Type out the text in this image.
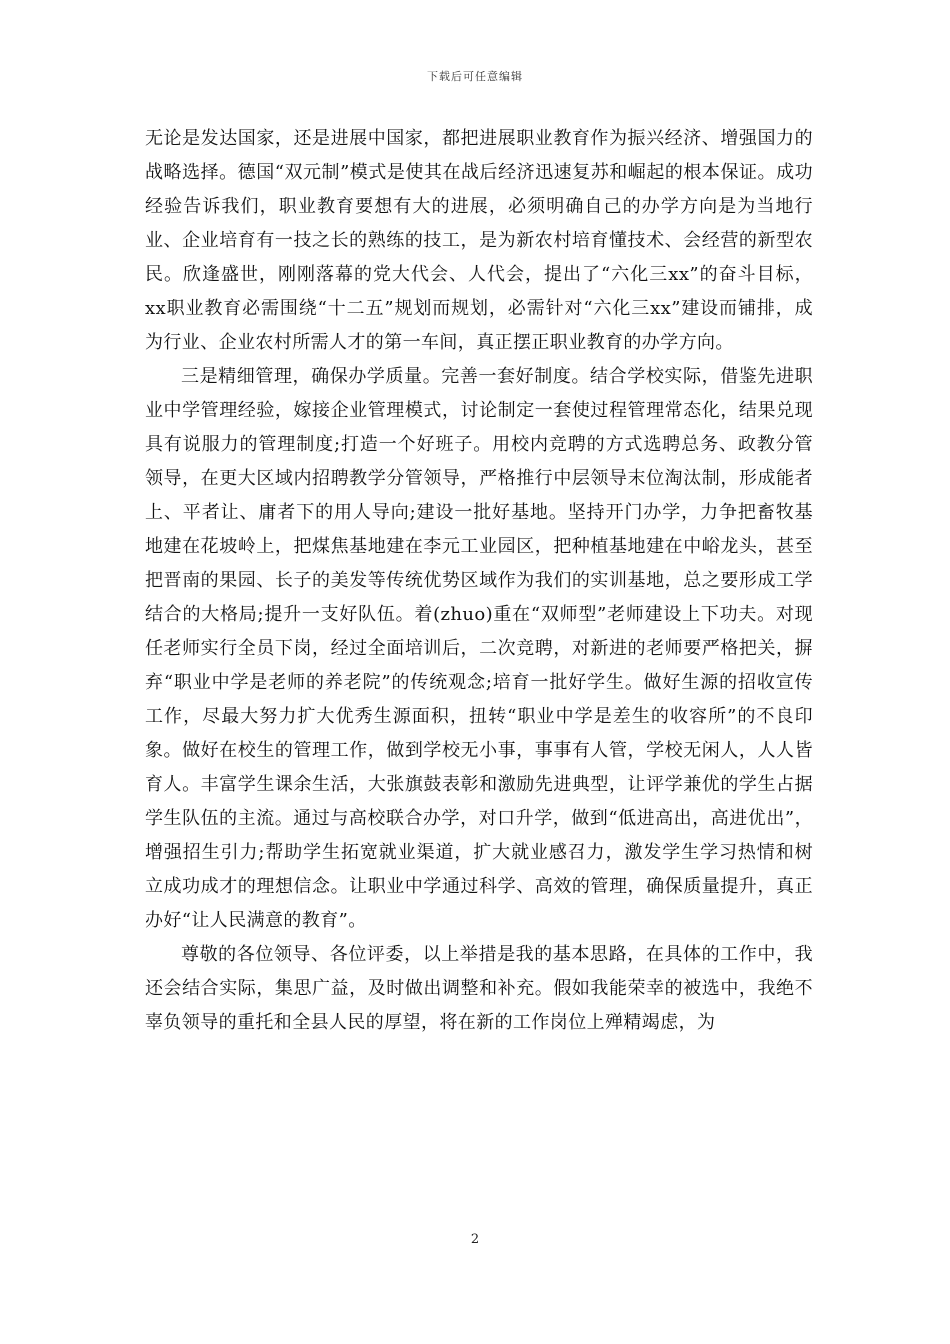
下载后可任意编辑

无论是发达国家，还是进展中国家，都把进展职业教育作为振兴经济、增强国力的战略选择。德国“双元制”模式是使其在战后经济迅速复苏和崛起的根本保证。成功经验告诉我们，职业教育要想有大的进展，必须明确自己的办学方向是为当地行业、企业培育有一技之长的熟练的技工，是为新农村培育懂技术、会经营的新型农民。欣逢盛世，刚刚落幕的党大代会、人代会，提出了“六化三xx”的奋斗目标，xx职业教育必需围绕“十二五”规划而规划，必需针对“六化三xx”建设而铺排，成为行业、企业农村所需人才的第一车间，真正摆正职业教育的办学方向。

三是精细管理，确保办学质量。完善一套好制度。结合学校实际，借鉴先进职业中学管理经验，嫁接企业管理模式，讨论制定一套使过程管理常态化，结果兑现具有说服力的管理制度;打造一个好班子。用校内竞聘的方式选聘总务、政教分管领导，在更大区域内招聘教学分管领导，严格推行中层领导末位淘汰制，形成能者上、平者让、庸者下的用人导向;建设一批好基地。坚持开门办学，力争把畜牧基地建在花坡岭上，把煤焦基地建在李元工业园区，把种植基地建在中峪龙头，甚至把晋南的果园、长子的美发等传统优势区域作为我们的实训基地，总之要形成工学结合的大格局;提升一支好队伍。着(zhuo)重在“双师型”老师建设上下功夫。对现任老师实行全员下岗，经过全面培训后，二次竞聘，对新进的老师要严格把关，摒弃“职业中学是老师的养老院”的传统观念;培育一批好学生。做好生源的招收宣传工作，尽最大努力扩大优秀生源面积，扭转“职业中学是差生的收容所”的不良印象。做好在校生的管理工作，做到学校无小事，事事有人管，学校无闲人，人人皆育人。丰富学生课余生活，大张旗鼓表彰和激励先进典型，让评学兼优的学生占据学生队伍的主流。通过与高校联合办学，对口升学，做到“低进高出，高进优出”，增强招生引力;帮助学生拓宽就业渠道，扩大就业感召力，激发学生学习热情和树立成功成才的理想信念。让职业中学通过科学、高效的管理，确保质量提升，真正办好“让人民满意的教育”。

尊敬的各位领导、各位评委，以上举措是我的基本思路，在具体的工作中，我还会结合实际，集思广益，及时做出调整和补充。假如我能荣幸的被选中，我绝不辜负领导的重托和全县人民的厚望，将在新的工作岗位上殚精竭虑，为

2
